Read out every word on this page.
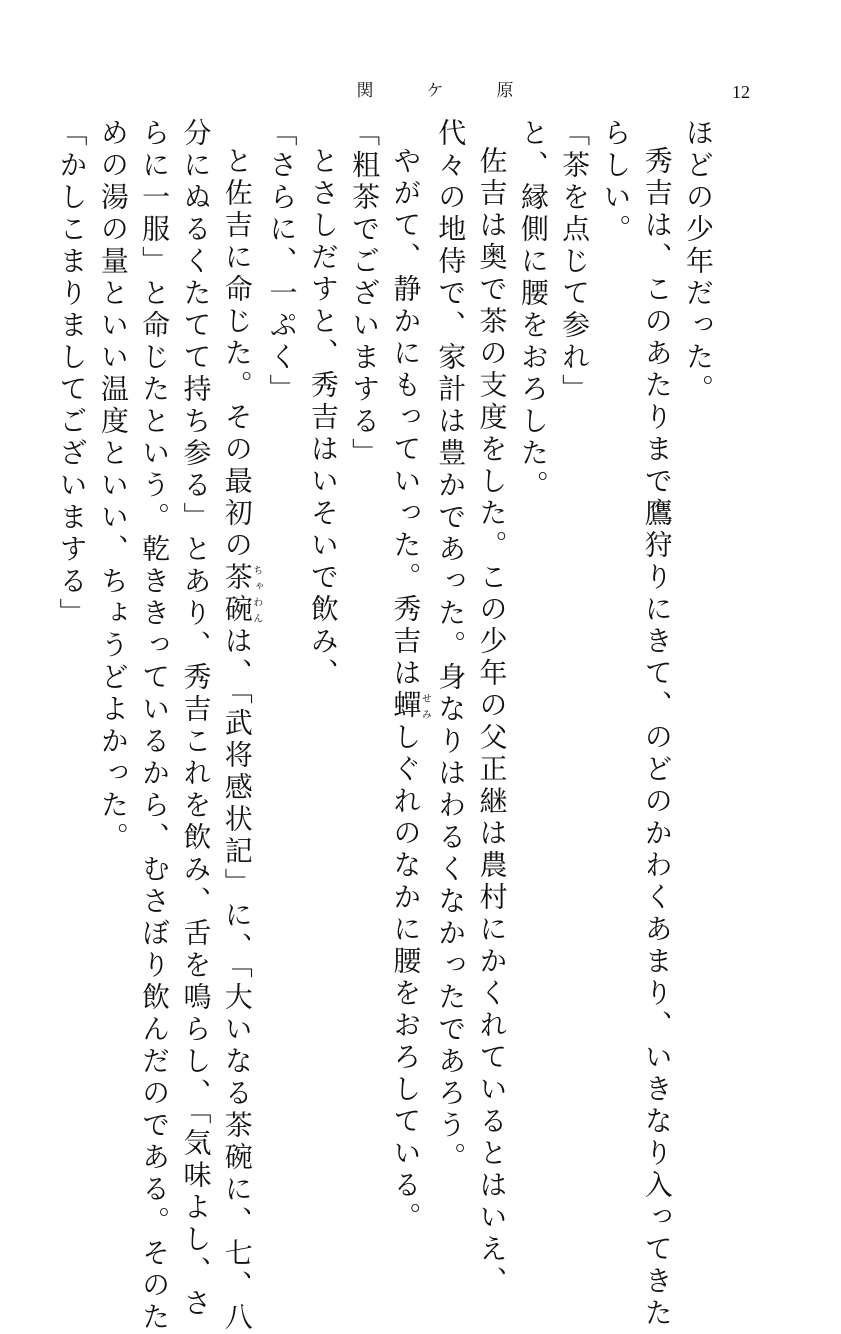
関	ケ	原	12
ほどの少年だった。
秀吉は、このあたりまで鷹狩りにきて、のどのかわくあまり、いきなり入ってきた
らしい。
「茶を点じて参れ」
と、縁側に腰をおろした。
佐吉は奥で茶の支度をした。この少年の父正継は農村にかくれているとはいえ、
代々の地侍で、家計は豊かであった。身なりはわるくなかったであろう。
やがて、静かにもっていった。秀吉は蟬せみしぐれのなかに腰をおろしている。
「粗茶でございまする」
とさしだすと、秀吉はいそいで飲み、
「さらに、一ぷく」
と佐吉に命じた。その最初の茶碗ちゃわんは、「武将感状記」に、「大いなる茶碗に、七、八
分にぬるくたてて持ち参る」とあり、秀吉これを飲み、舌を鳴らし、「気味よし、さ
らに一服」と命じたという。乾ききっているから、むさぼり飲んだのである。そのた
めの湯の量といい温度といい、ちょうどよかった。
「かしこまりましてございまする」
